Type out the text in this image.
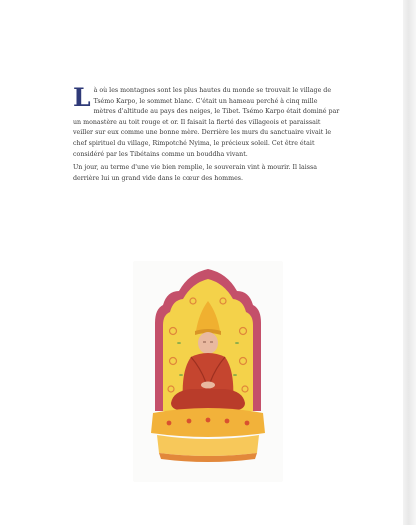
Là où les montagnes sont les plus hautes du monde se trouvait le village de Tsémo Karpo, le sommet blanc. C'était un hameau perché à cinq mille mètres d'altitude au pays des neiges, le Tibet. Tsémo Karpo était dominé par un monastère au toit rouge et or. Il faisait la fierté des villageois et paraissait veiller sur eux comme une bonne mère. Derrière les murs du sanctuaire vivait le chef spirituel du village, Rimpotché Nyima, le précieux soleil. Cet être était considéré par les Tibétains comme un bouddha vivant.

Un jour, au terme d'une vie bien remplie, le souverain vint à mourir. Il laissa derrière lui un grand vide dans le cœur des hommes.
